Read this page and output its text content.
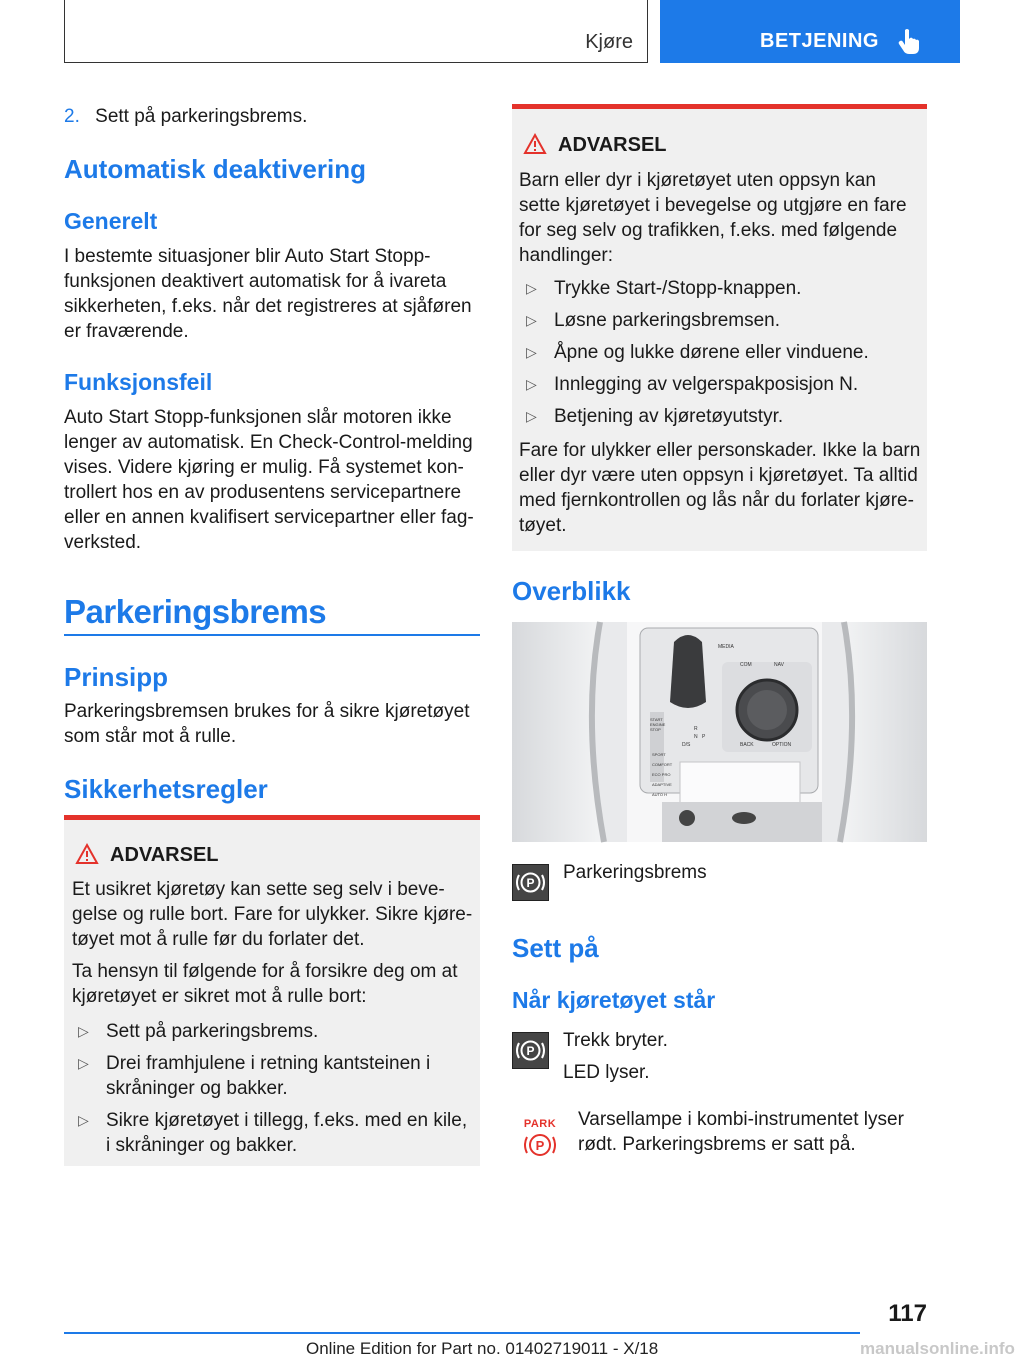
Kjøre	BETJENING
2. Sett på parkeringsbrems.
Automatisk deaktivering
Generelt
I bestemte situasjoner blir Auto Start Stopp-
funksjonen deaktivert automatisk for å ivareta
sikkerheten, f.eks. når det registreres at sjåføren
er fraværende.
Funksjonsfeil
Auto Start Stopp-funksjonen slår motoren ikke
lenger av automatisk. En Check-Control-melding
vises. Videre kjøring er mulig. Få systemet kon-
trollert hos en av produsentens servicepartnere
eller en annen kvalifisert servicepartner eller fag-
verksted.
Parkeringsbrems
Prinsipp
Parkeringsbremsen brukes for å sikre kjøretøyet
som står mot å rulle.
Sikkerhetsregler
ADVARSEL
Et usikret kjøretøy kan sette seg selv i beve-
gelse og rulle bort. Fare for ulykker. Sikre kjøre-
tøyet mot å rulle før du forlater det.
Ta hensyn til følgende for å forsikre deg om at
kjøretøyet er sikret mot å rulle bort:
▷ Sett på parkeringsbrems.
▷ Drei framhjulene i retning kantsteinen i
skråninger og bakker.
▷ Sikre kjøretøyet i tillegg, f.eks. med en kile,
i skråninger og bakker.
ADVARSEL
Barn eller dyr i kjøretøyet uten oppsyn kan
sette kjøretøyet i bevegelse og utgjøre en fare
for seg selv og trafikken, f.eks. med følgende
handlinger:
▷ Trykke Start-/Stopp-knappen.
▷ Løsne parkeringsbremsen.
▷ Åpne og lukke dørene eller vinduene.
▷ Innlegging av velgerspakposisjon N.
▷ Betjening av kjøretøyutstyr.
Fare for ulykker eller personskader. Ikke la barn
eller dyr være uten oppsyn i kjøretøyet. Ta alltid
med fjernkontrollen og lås når du forlater kjøre-
tøyet.
Overblikk
MEDIA
COM	NAV
BACK	OPTION
START ENGINE STOP
SPORT
COMFORT
ECO PRO
ADAPTIVE
AUTO H
R
N
D/S
P
P Parkeringsbrems
Sett på
Når kjøretøyet står
P Trekk bryter.
LED lyser.
PARK
P
Varsellampe i kombi-instrumentet lyser
rødt. Parkeringsbrems er satt på.
117
Online Edition for Part no. 01402719011 - X/18	manualsonline.info
